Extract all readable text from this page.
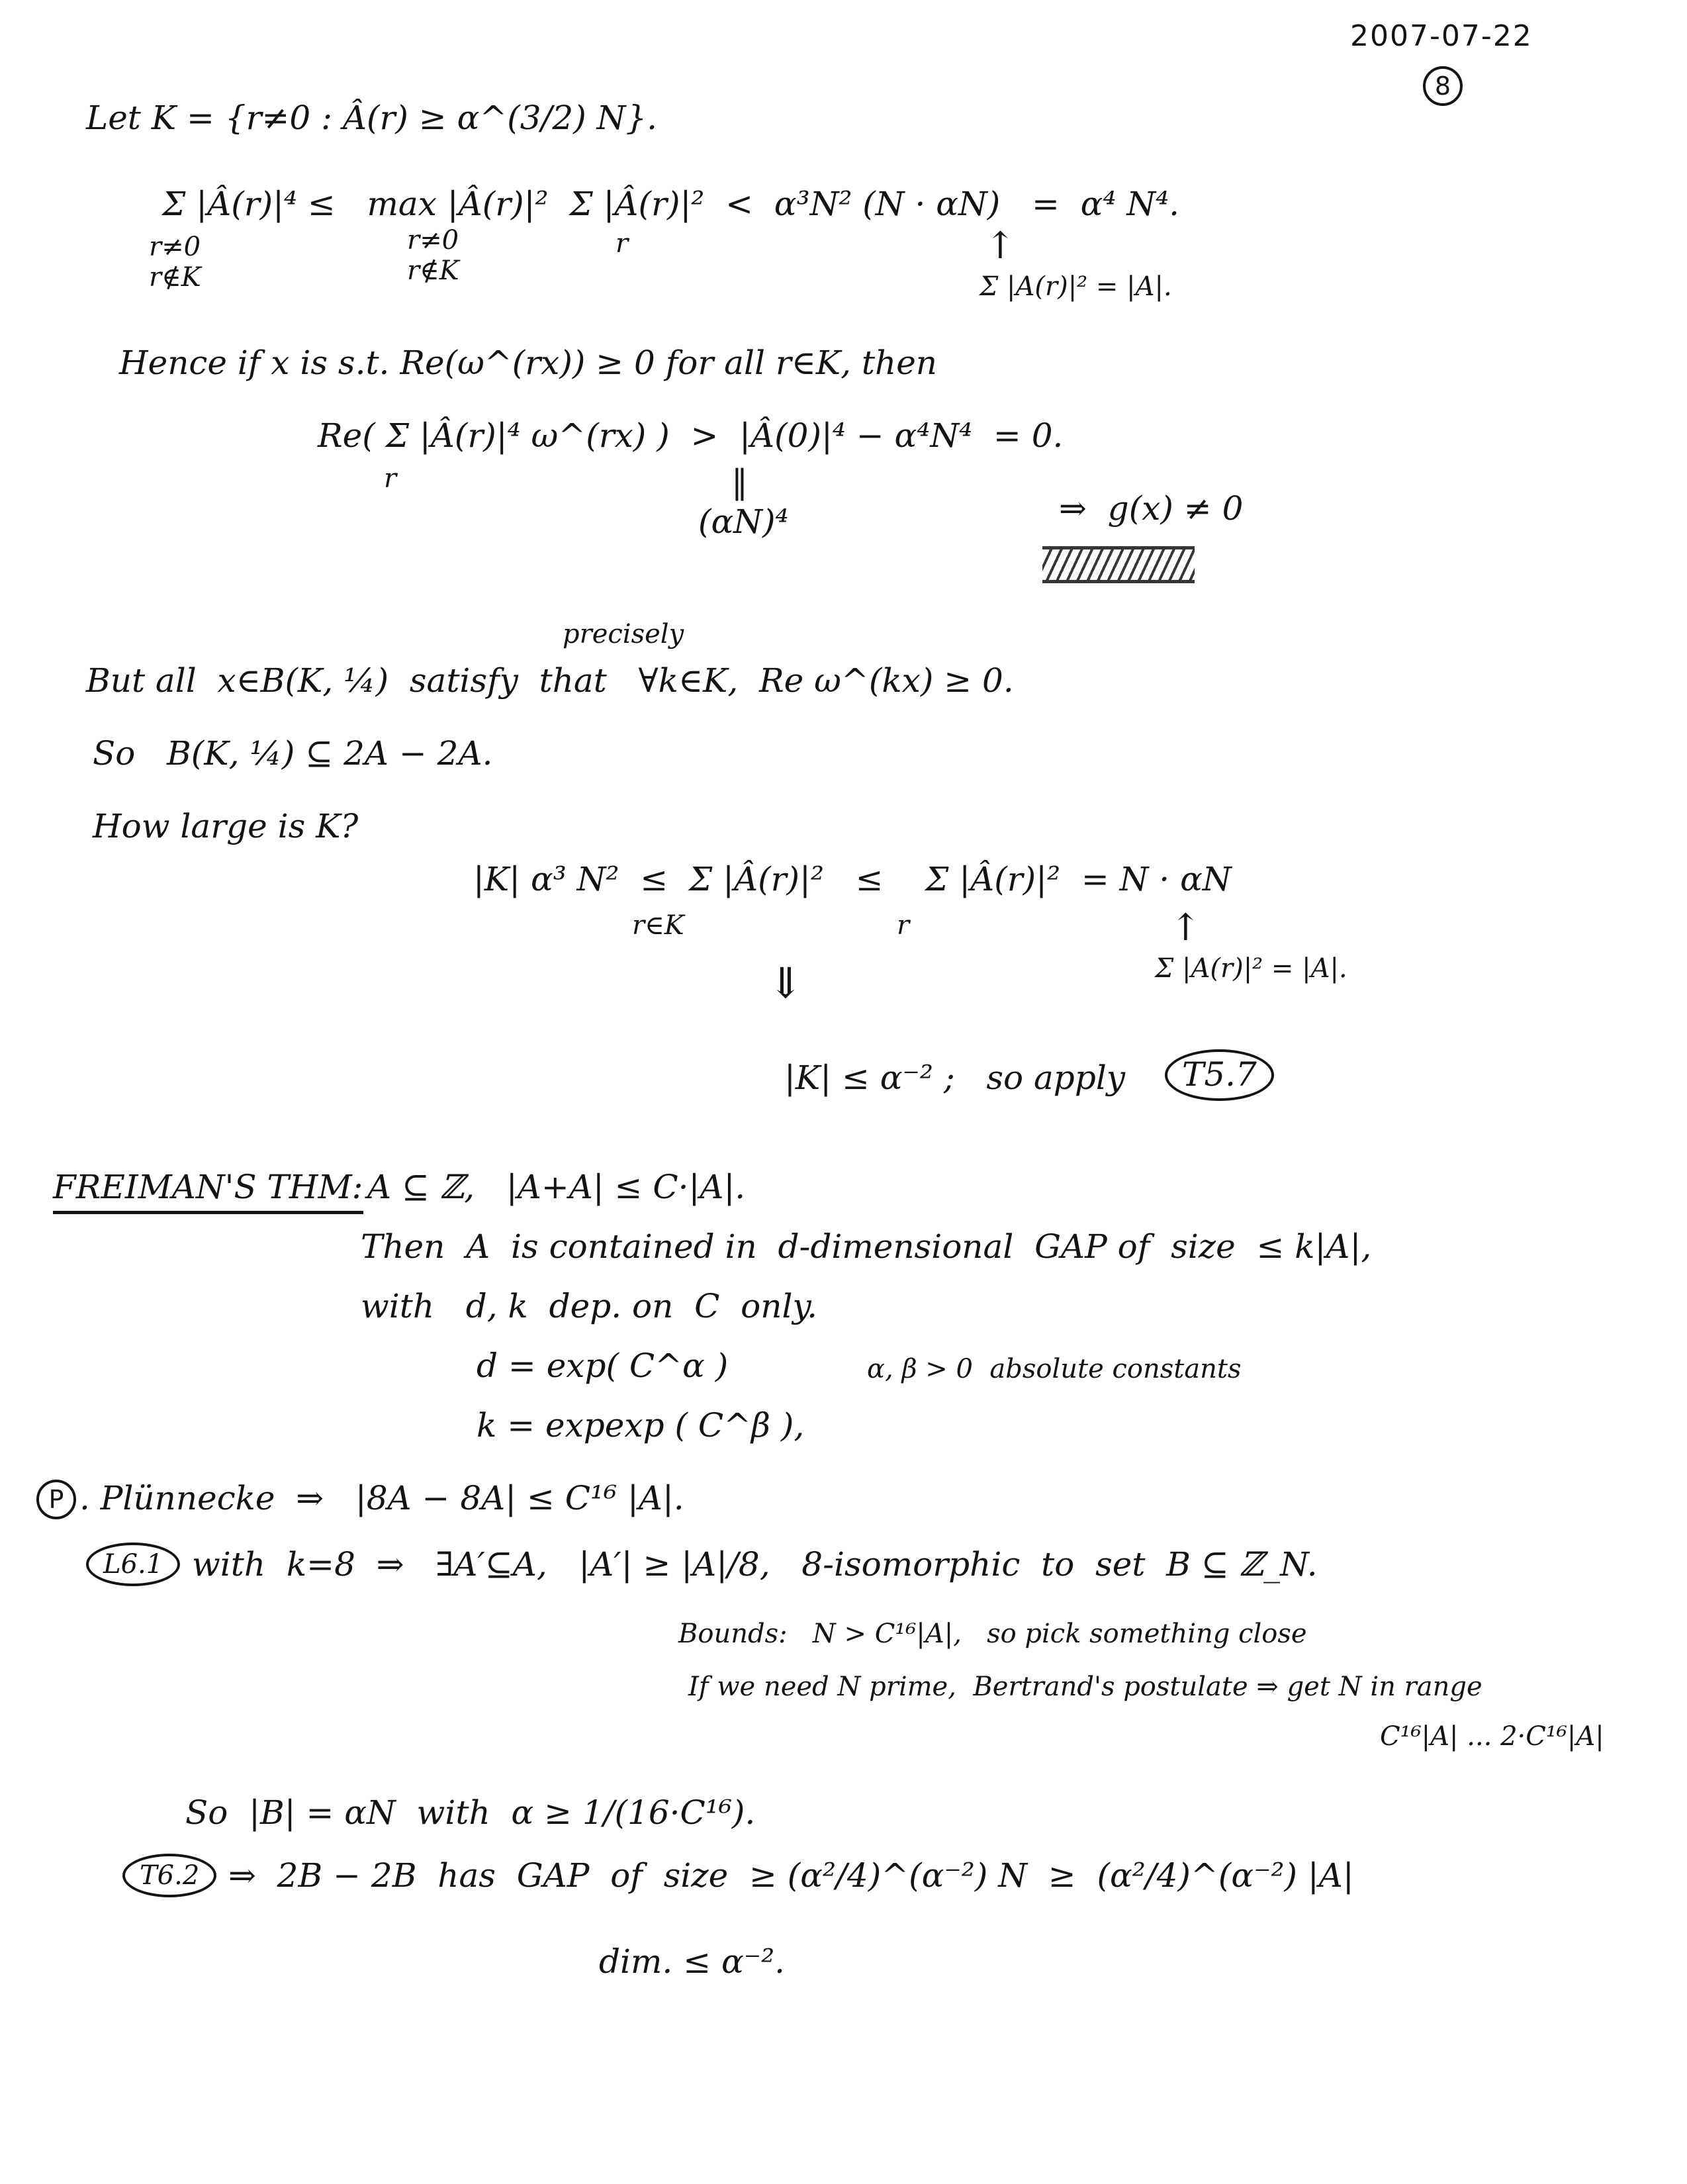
2007-07-22
8
Let K = {r≠0 : Â(r) ≥ α^(3/2) N}.
Σ |Â(r)|⁴ ≤   max |Â(r)|²  Σ |Â(r)|²  <  α³N² (N · αN)   =  α⁴ N⁴.
r≠0
r∉K
r≠0
r∉K
r	↑
Σ |A(r)|² = |A|.
Hence if x is s.t. Re(ω^(rx)) ≥ 0 for all r∈K, then
Re( Σ |Â(r)|⁴ ω^(rx) )  >  |Â(0)|⁴ − α⁴N⁴  = 0.
r	‖
(αN)⁴	⇒  g(x) ≠ 0
precisely
But all  x∈B(K, ¼)  satisfy  that   ∀k∈K,  Re ω^(kx) ≥ 0.
So   B(K, ¼) ⊆ 2A − 2A.
How large is K?
|K| α³ N²  ≤  Σ |Â(r)|²   ≤    Σ |Â(r)|²  = N · αN
r∈K	r	↑
Σ |A(r)|² = |A|.
⇓
|K| ≤ α⁻² ;   so apply	T5.7
FREIMAN'S THM: A ⊆ ℤ,   |A+A| ≤ C·|A|.
Then  A  is contained in  d-dimensional  GAP of  size  ≤ k|A|,
with   d, k  dep. on  C  only.
d = exp( C^α )	α, β > 0  absolute constants
k = expexp ( C^β ),
P . Plünnecke  ⇒   |8A − 8A| ≤ C¹⁶ |A|.
L6.1 with  k=8  ⇒   ∃A′⊆A,   |A′| ≥ |A|/8,   8-isomorphic  to  set  B ⊆ ℤ_N.
Bounds:   N > C¹⁶|A|,   so pick something close
If we need N prime,  Bertrand's postulate ⇒ get N in range
C¹⁶|A| ... 2·C¹⁶|A|
So  |B| = αN  with  α ≥ 1/(16·C¹⁶).
T6.2 ⇒  2B − 2B  has  GAP  of  size  ≥ (α²/4)^(α⁻²) N  ≥  (α²/4)^(α⁻²) |A|
dim. ≤ α⁻².
